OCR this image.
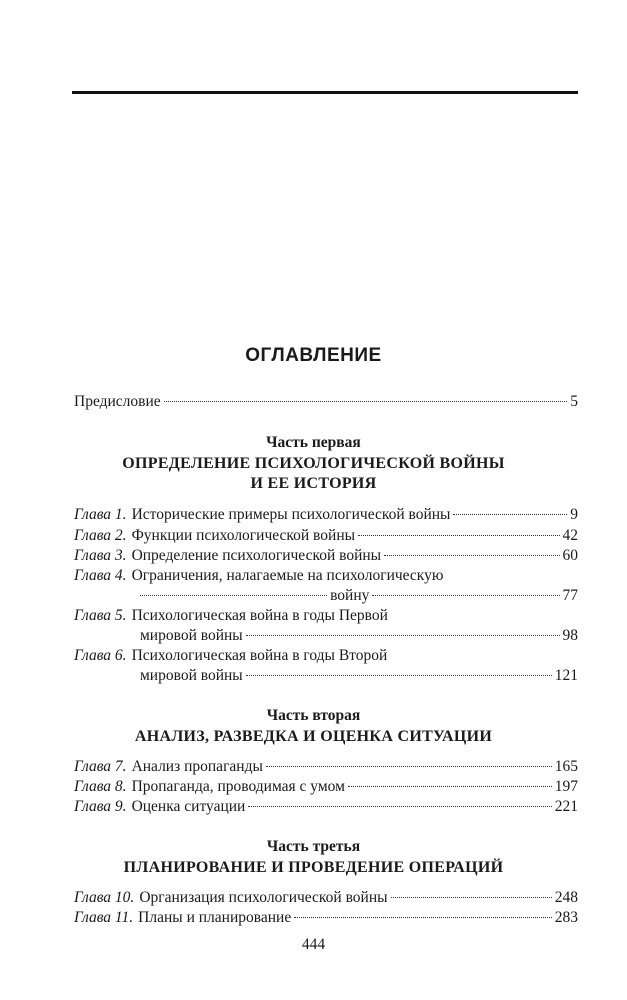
ОГЛАВЛЕНИЕ
Предисловие	5
Часть первая
ОПРЕДЕЛЕНИЕ ПСИХОЛОГИЧЕСКОЙ ВОЙНЫ
И ЕЕ ИСТОРИЯ
Глава 1. Исторические примеры психологической войны	9
Глава 2. Функции психологической войны	42
Глава 3. Определение психологической войны	60
Глава 4. Ограничения, налагаемые на психологическую
войну	77
Глава 5. Психологическая война в годы Первой
мировой войны	98
Глава 6. Психологическая война в годы Второй
мировой войны	121
Часть вторая
АНАЛИЗ, РАЗВЕДКА И ОЦЕНКА СИТУАЦИИ
Глава 7. Анализ пропаганды	165
Глава 8. Пропаганда, проводимая с умом	197
Глава 9. Оценка ситуации	221
Часть третья
ПЛАНИРОВАНИЕ И ПРОВЕДЕНИЕ ОПЕРАЦИЙ
Глава 10. Организация психологической войны	248
Глава 11. Планы и планирование	283
444
